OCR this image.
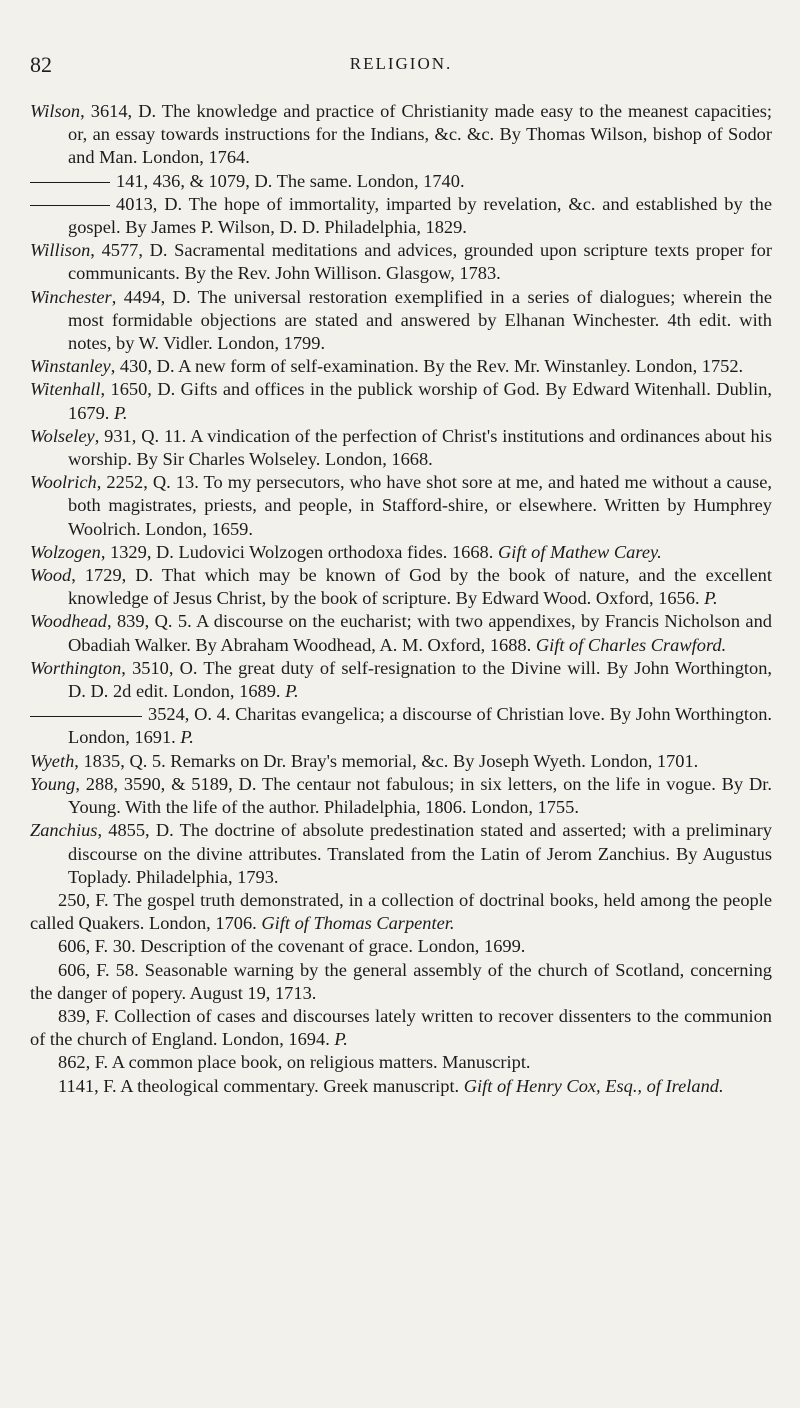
82	RELIGION.

Wilson, 3614, D. The knowledge and practice of Christianity made easy to the meanest capacities; or, an essay towards instructions for the Indians, &c. &c. By Thomas Wilson, bishop of Sodor and Man. London, 1764.

141, 436, & 1079, D. The same. London, 1740.

4013, D. The hope of immortality, imparted by revelation, &c. and established by the gospel. By James P. Wilson, D. D. Philadelphia, 1829.

Willison, 4577, D. Sacramental meditations and advices, grounded upon scripture texts proper for communicants. By the Rev. John Willison. Glasgow, 1783.

Winchester, 4494, D. The universal restoration exemplified in a series of dialogues; wherein the most formidable objections are stated and answered by Elhanan Winchester. 4th edit. with notes, by W. Vidler. London, 1799.

Winstanley, 430, D. A new form of self-examination. By the Rev. Mr. Winstanley. London, 1752.

Witenhall, 1650, D. Gifts and offices in the publick worship of God. By Edward Witenhall. Dublin, 1679. P.

Wolseley, 931, Q. 11. A vindication of the perfection of Christ's institutions and ordinances about his worship. By Sir Charles Wolseley. London, 1668.

Woolrich, 2252, Q. 13. To my persecutors, who have shot sore at me, and hated me without a cause, both magistrates, priests, and people, in Stafford-shire, or elsewhere. Written by Humphrey Woolrich. London, 1659.

Wolzogen, 1329, D. Ludovici Wolzogen orthodoxa fides. 1668. Gift of Mathew Carey.

Wood, 1729, D. That which may be known of God by the book of nature, and the excellent knowledge of Jesus Christ, by the book of scripture. By Edward Wood. Oxford, 1656. P.

Woodhead, 839, Q. 5. A discourse on the eucharist; with two appendixes, by Francis Nicholson and Obadiah Walker. By Abraham Woodhead, A. M. Oxford, 1688. Gift of Charles Crawford.

Worthington, 3510, O. The great duty of self-resignation to the Divine will. By John Worthington, D. D. 2d edit. London, 1689. P.

3524, O. 4. Charitas evangelica; a discourse of Christian love. By John Worthington. London, 1691. P.

Wyeth, 1835, Q. 5. Remarks on Dr. Bray's memorial, &c. By Joseph Wyeth. London, 1701.

Young, 288, 3590, & 5189, D. The centaur not fabulous; in six letters, on the life in vogue. By Dr. Young. With the life of the author. Philadelphia, 1806. London, 1755.

Zanchius, 4855, D. The doctrine of absolute predestination stated and asserted; with a preliminary discourse on the divine attributes. Translated from the Latin of Jerom Zanchius. By Augustus Toplady. Philadelphia, 1793.

250, F. The gospel truth demonstrated, in a collection of doctrinal books, held among the people called Quakers. London, 1706. Gift of Thomas Carpenter.

606, F. 30. Description of the covenant of grace. London, 1699.

606, F. 58. Seasonable warning by the general assembly of the church of Scotland, concerning the danger of popery. August 19, 1713.

839, F. Collection of cases and discourses lately written to recover dissenters to the communion of the church of England. London, 1694. P.

862, F. A common place book, on religious matters. Manuscript.

1141, F. A theological commentary. Greek manuscript. Gift of Henry Cox, Esq., of Ireland.
